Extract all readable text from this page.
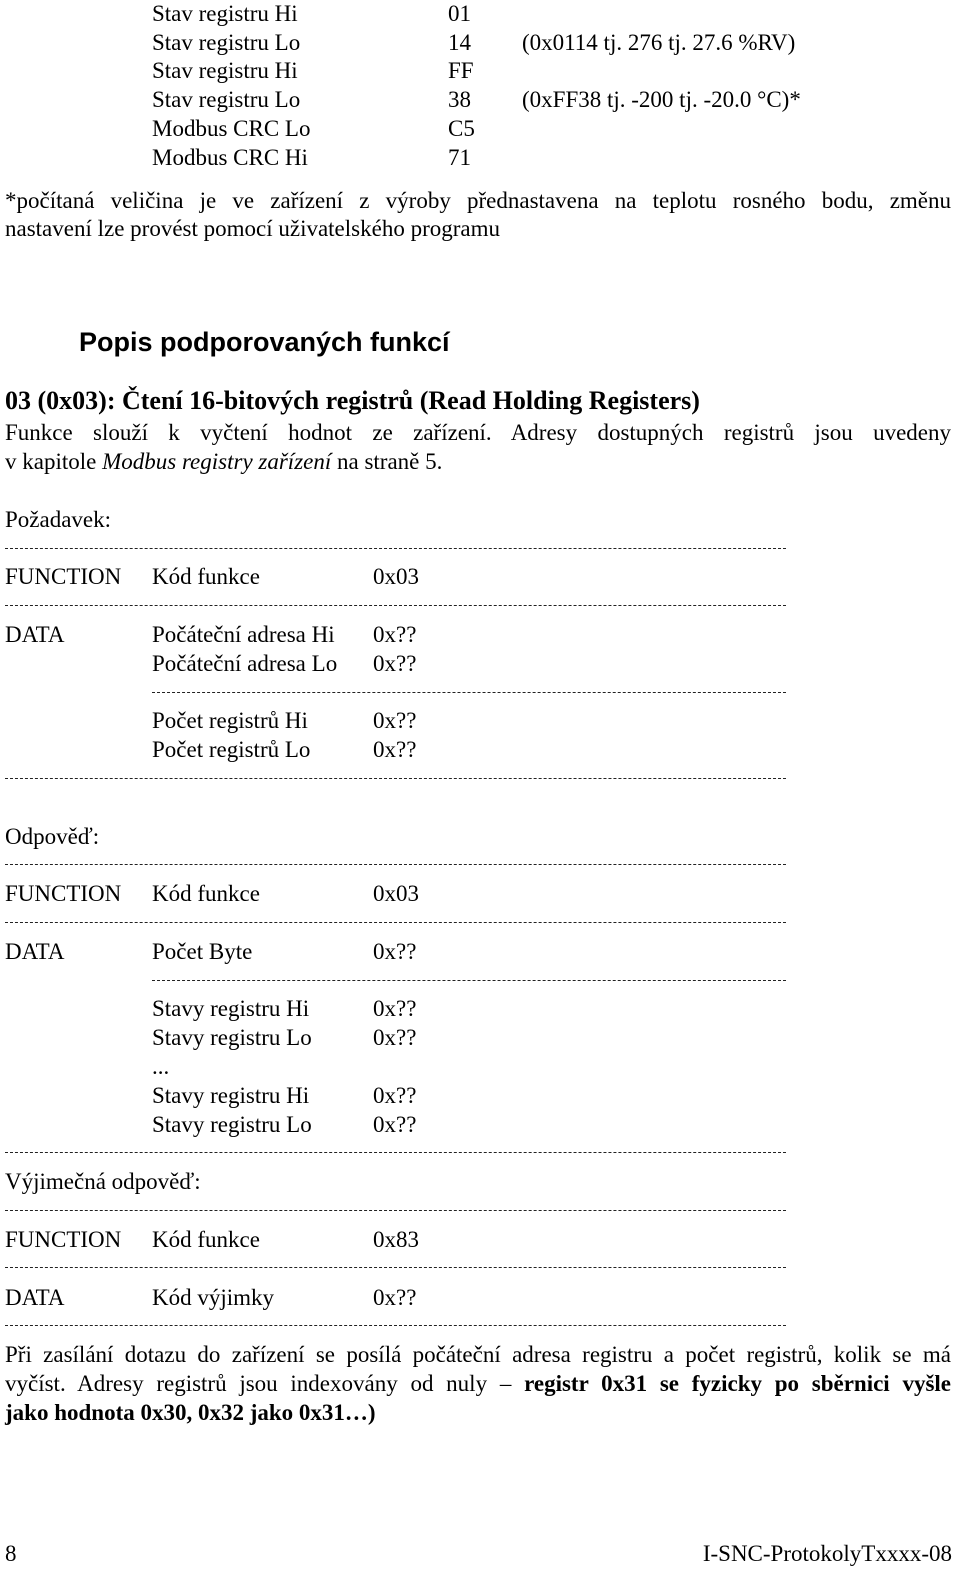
Stav registru Hi	01
Stav registru Lo	14 (0x0114 tj. 276 tj. 27.6 %RV)
Stav registru Hi	FF
Stav registru Lo	38 (0xFF38 tj. -200 tj. -20.0 °C)*
Modbus CRC Lo	C5
Modbus CRC Hi	71
*počítaná veličina je ve zařízení z výroby přednastavena na teplotu rosného bodu, změnu
nastavení lze provést pomocí uživatelského programu
Popis podporovaných funkcí
03 (0x03): Čtení 16-bitových registrů (Read Holding Registers)
Funkce slouží k vyčtení hodnot ze zařízení. Adresy dostupných registrů jsou uvedeny
v kapitole Modbus registry zařízení na straně 5.
Požadavek:
FUNCTION Kód funkce	0x03
DATA	Počáteční adresa Hi 0x??
Počáteční adresa Lo 0x??
Počet registrů Hi	0x??
Počet registrů Lo	0x??
Odpověď:
FUNCTION Kód funkce	0x03
DATA	Počet Byte	0x??
Stavy registru Hi	0x??
Stavy registru Lo	0x??
...
Stavy registru Hi	0x??
Stavy registru Lo	0x??
Výjimečná odpověď:
FUNCTION Kód funkce	0x83
DATA	Kód výjimky	0x??
Při zasílání dotazu do zařízení se posílá počáteční adresa registru a počet registrů, kolik se má
vyčíst. Adresy registrů jsou indexovány od nuly – registr 0x31 se fyzicky po sběrnici vyšle
jako hodnota 0x30, 0x32 jako 0x31…)
8	I-SNC-ProtokolyTxxxx-08
